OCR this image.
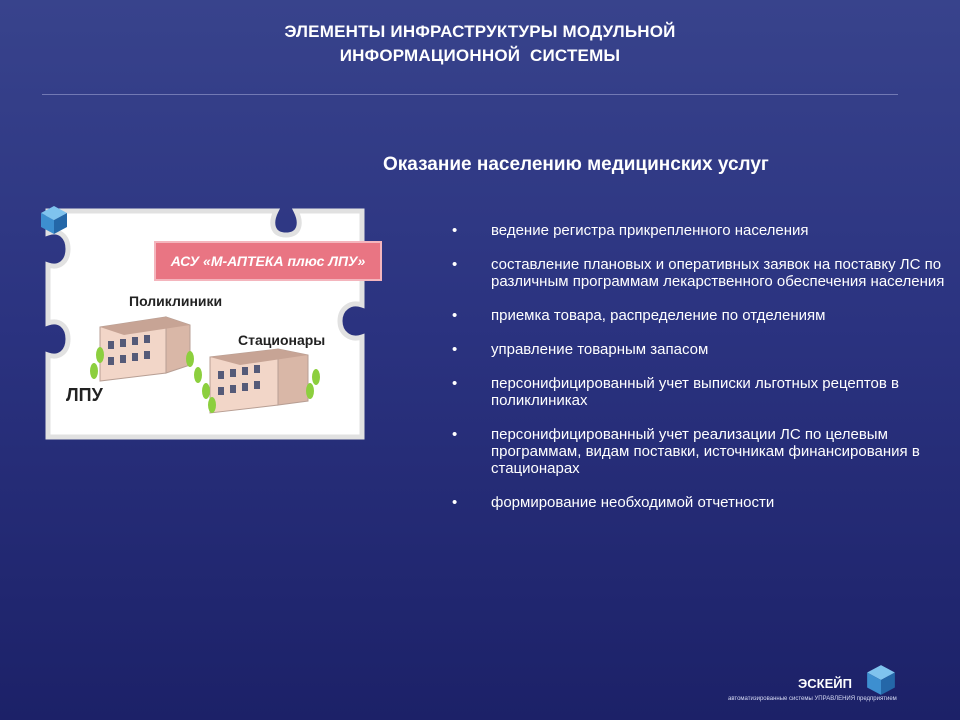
ЭЛЕМЕНТЫ ИНФРАСТРУКТУРЫ МОДУЛЬНОЙ
ИНФОРМАЦИОННОЙ  СИСТЕМЫ
Оказание населению медицинских услуг
АСУ «М-АПТЕКА плюс ЛПУ»
Поликлиники
Стационары
ЛПУ
• ведение регистра прикрепленного населения
• составление плановых и оперативных заявок на поставку ЛС по различным программам лекарственного обеспечения населения
• приемка товара, распределение по отделениям
• управление товарным запасом
• персонифицированный учет выписки льготных рецептов в поликлиниках
• персонифицированный учет реализации ЛС по целевым программам, видам поставки, источникам финансирования в стационарах
• формирование необходимой отчетности
ЭСКЕЙП
автоматизированные системы УПРАВЛЕНИЯ предприятием
